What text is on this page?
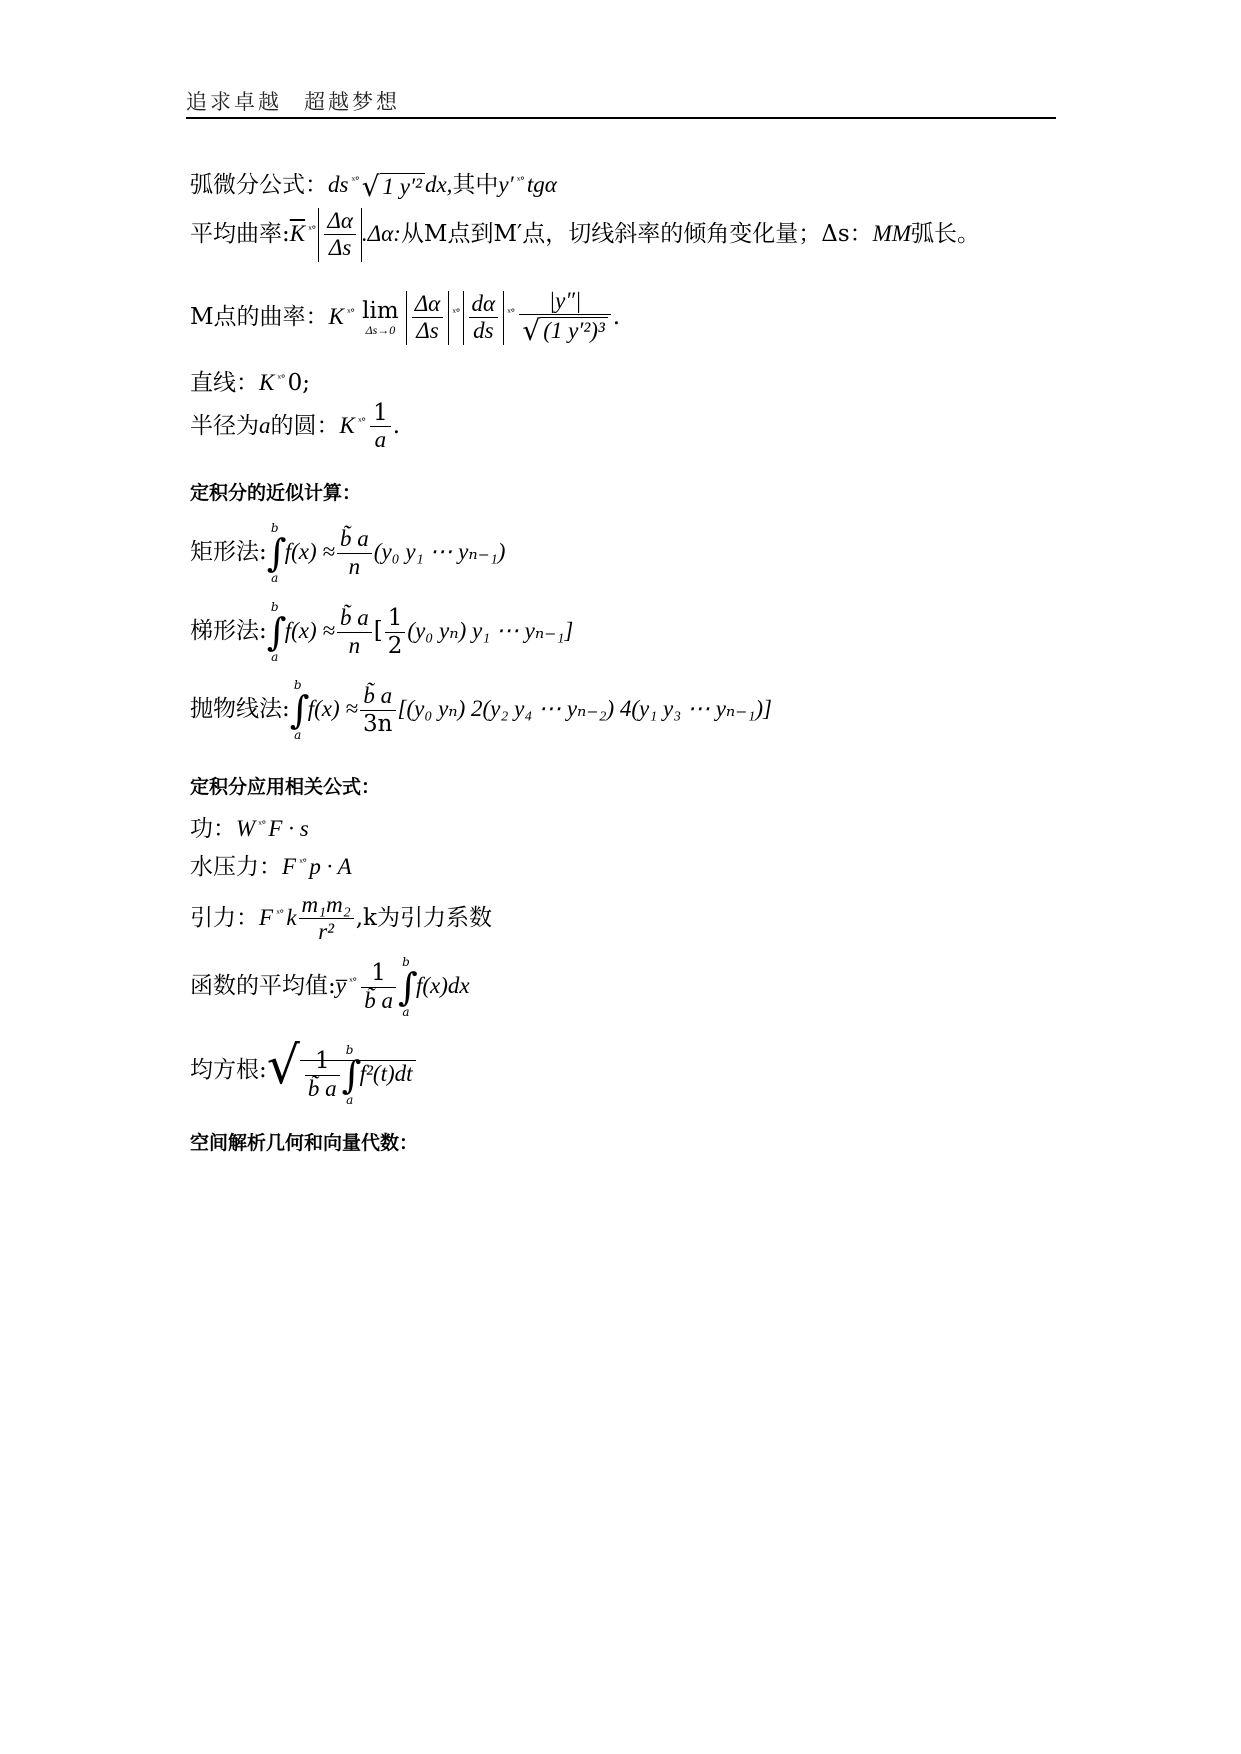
追求卓越 超越梦想
弧微分公式：ds $^{ˣ^\circ}$ √ 1 y′² dx,其中y′ $^{ˣ^\circ}$ tgα
平均曲率$:\overline{K}$ $^{ˣ^\circ} \frac{\Delta\alpha}{\Delta s} .\Delta\alpha$:从M点到M′点，切线斜率的倾角变化量；Δs：MM弧长。
M点的曲率：K $^{ˣ^\circ}$ lim
$\Delta s\to 0 \frac{\Delta\alpha}{\Delta s} ^{ˣ^\circ} \frac{d\alpha}{ds} ^{ˣ^\circ} \frac{|y''|}{\text{√ (1 y′²)³}}$ .
直线：K $^{ˣ^\circ}$ 0;
半径为a的圆：K $^{ˣ^\circ} \frac{1}{a}$ .
定积分的近似计算：
矩形法:
b
∫
a
$f(x) \approx \frac{b̃ a}{n} (y_0$ y₁ ⋯ yₙ₋₁)
梯形法:
b
∫
a
$f(x) \approx \frac{b̃ a}{n}$ [ $\frac{1}{2} (y_0$ yₙ) y₁ ⋯ yₙ₋₁]
抛物线法:
b
∫
a
$f(x) \approx \frac{b̃ a}{3n} [(y_0$ yₙ) 2(y₂ y₄ ⋯ yₙ₋₂) 4(y₁ y₃ ⋯ yₙ₋₁)]
定积分应用相关公式：
功：W $^{ˣ^\circ}$ F · s
水压力：F $^{ˣ^\circ}$ p · A
引力：F $^{ˣ^\circ}$ k $\frac{\text{m₁m₂}}{\text{r²}} ,k$为引力系数
函数的平均值:y̅ $^{ˣ^\circ} \frac{1}{b̃ a}$ b
∫
a
f(x)dx
均方根:√ $\frac{1}{b̃ a}$ b
∫
a
f²(t)dt
空间解析几何和向量代数：
